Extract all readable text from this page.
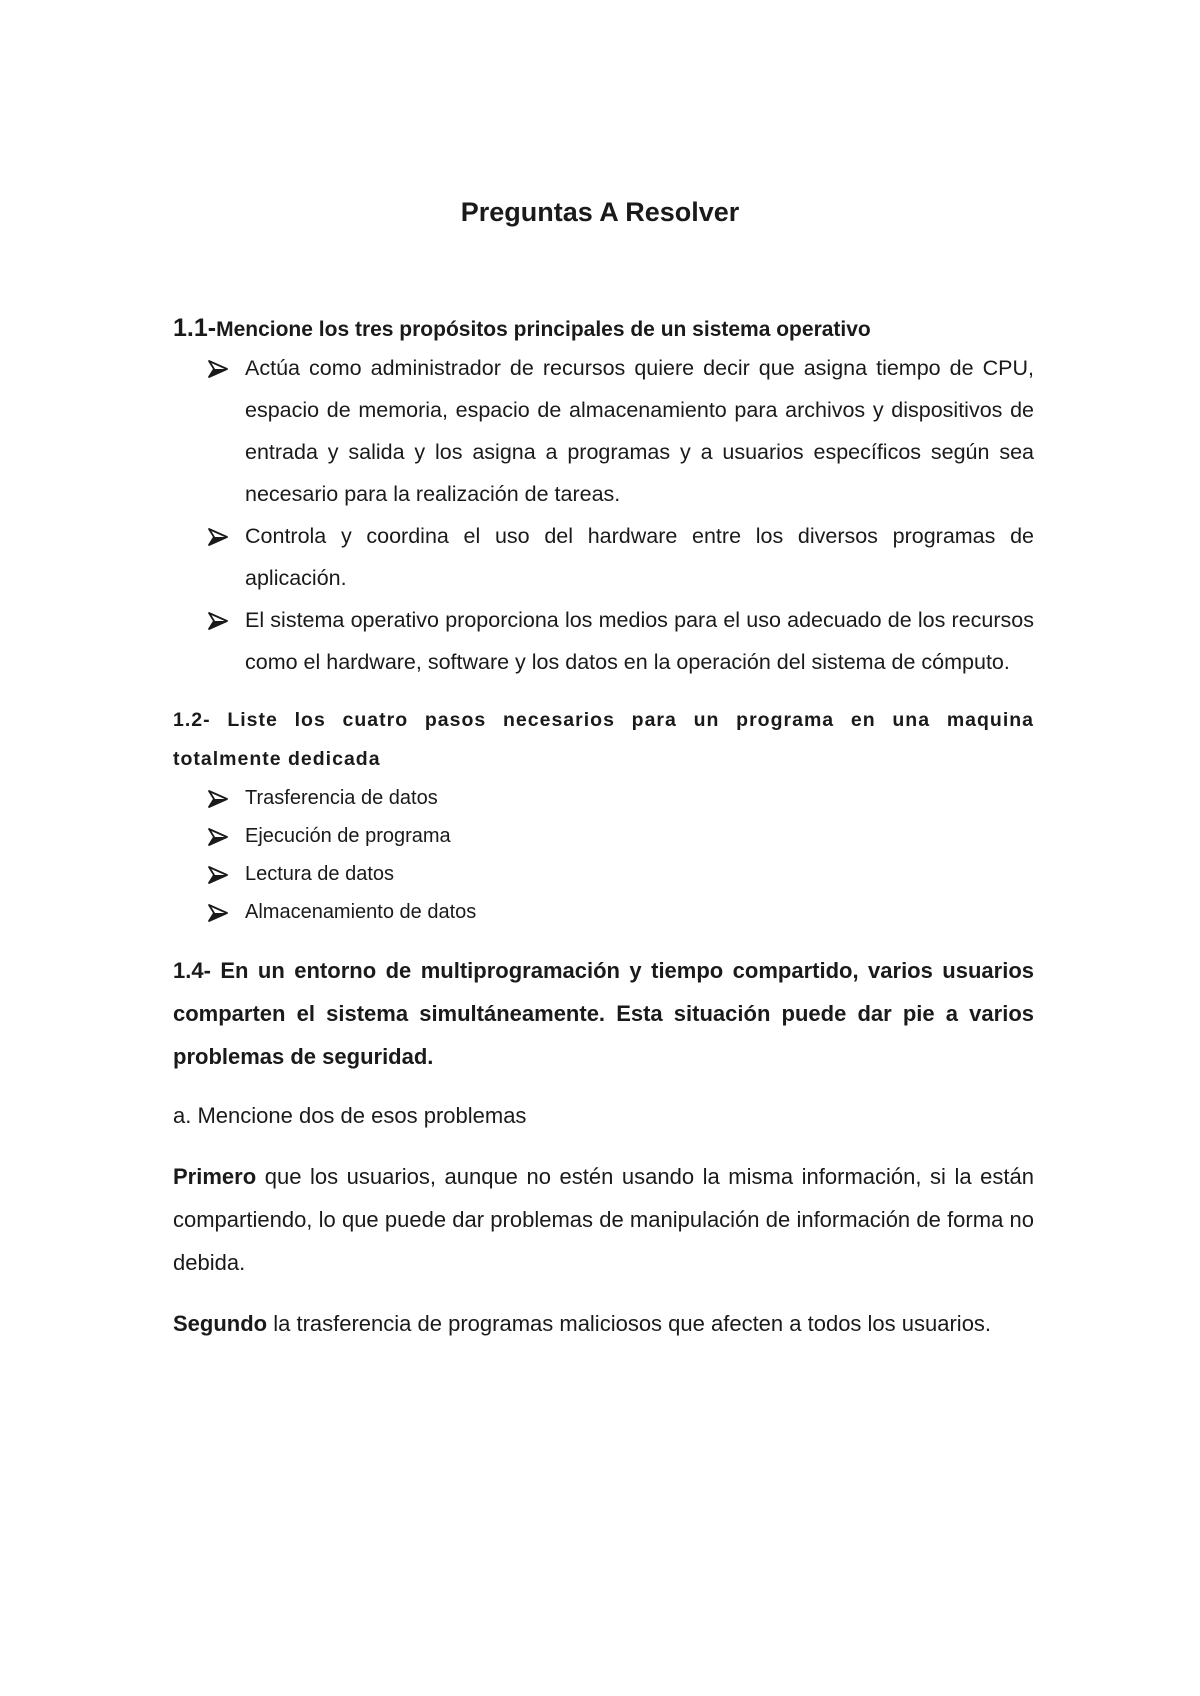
Preguntas A Resolver

1.1-Mencione los tres propósitos principales de un sistema operativo

Actúa como administrador de recursos quiere decir que asigna tiempo de CPU, espacio de memoria, espacio de almacenamiento para archivos y dispositivos de entrada y salida y los asigna a programas y a usuarios específicos según sea necesario para la realización de tareas.
Controla y coordina el uso del hardware entre los diversos programas de aplicación.
El sistema operativo proporciona los medios para el uso adecuado de los recursos como el hardware, software y los datos en la operación del sistema de cómputo.

1.2- Liste los cuatro pasos necesarios para un programa en una maquina totalmente dedicada

Trasferencia de datos
Ejecución de programa
Lectura de datos
Almacenamiento de datos

1.4- En un entorno de multiprogramación y tiempo compartido, varios usuarios comparten el sistema simultáneamente. Esta situación puede dar pie a varios problemas de seguridad.

a. Mencione dos de esos problemas

Primero que los usuarios, aunque no estén usando la misma información, si la están compartiendo, lo que puede dar problemas de manipulación de información de forma no debida.

Segundo la trasferencia de programas maliciosos que afecten a todos los usuarios.
